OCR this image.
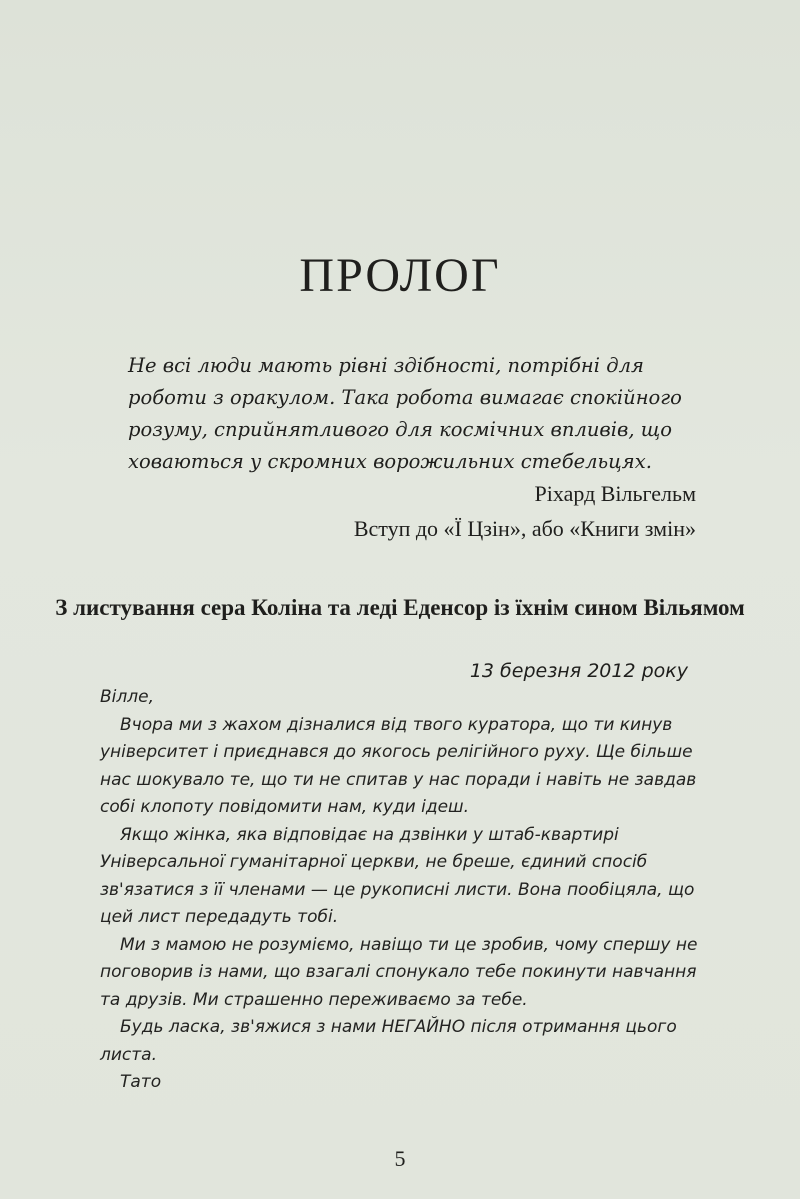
ПРОЛОГ

Не всі люди мають рівні здібності, потрібні для роботи з оракулом. Така робота вимагає спокійного розуму, сприйнятливого для космічних впливів, що ховаються у скромних ворожильних стебельцях.

Ріхард Вільгельм
Вступ до «Ї Цзін», або «Книги змін»
З листування сера Коліна та леді Еденсор із їхнім сином Вільямом
13 березня 2012 року

Вілле,

Вчора ми з жахом дізналися від твого куратора, що ти кинув університет і приєднався до якогось релігійного руху. Ще більше нас шокувало те, що ти не спитав у нас поради і навіть не завдав собі клопоту повідомити нам, куди ідеш.

Якщо жінка, яка відповідає на дзвінки у штаб-квартирі Універсальної гуманітарної церкви, не бреше, єдиний спосіб зв'язатися з її членами — це рукописні листи. Вона пообіцяла, що цей лист передадуть тобі.

Ми з мамою не розуміємо, навіщо ти це зробив, чому спершу не поговорив із нами, що взагалі спонукало тебе покинути навчання та друзів. Ми страшенно переживаємо за тебе.

Будь ласка, зв'яжися з нами НЕГАЙНО після отримання цього листа.

Тато

5
